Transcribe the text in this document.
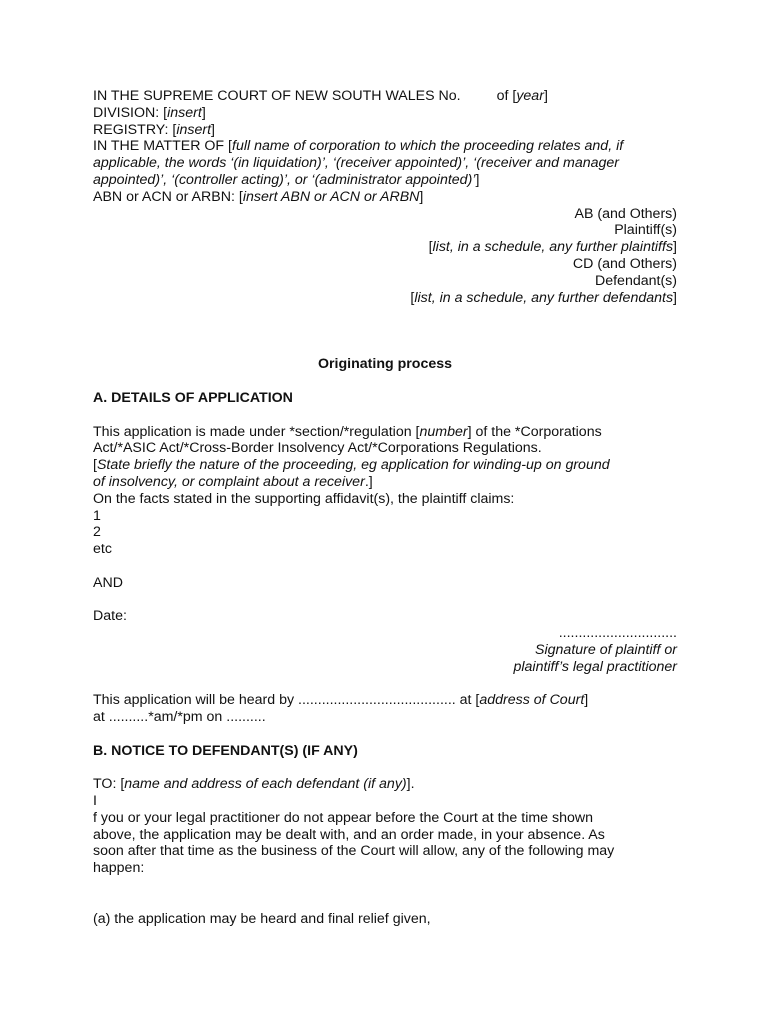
IN THE SUPREME COURT OF NEW SOUTH WALES No.	of [year]
DIVISION: [insert]
REGISTRY: [insert]
IN THE MATTER OF [full name of corporation to which the proceeding relates and, if
applicable, the words ‘(in liquidation)’, ‘(receiver appointed)’, ‘(receiver and manager
appointed)’, ‘(controller acting)’, or ‘(administrator appointed)’]
ABN or ACN or ARBN: [insert ABN or ACN or ARBN]
AB (and Others)
Plaintiff(s)
[list, in a schedule, any further plaintiffs]
CD (and Others)
Defendant(s)
[list, in a schedule, any further defendants]
Originating process
A. DETAILS OF APPLICATION
This application is made under *section/*regulation [number] of the *Corporations
Act/*ASIC Act/*Cross-Border Insolvency Act/*Corporations Regulations.
[State briefly the nature of the proceeding, eg application for winding-up on ground
of insolvency, or complaint about a receiver.]
On the facts stated in the supporting affidavit(s), the plaintiff claims:
1
2
etc
AND
Date:
..............................
Signature of plaintiff or
plaintiff’s legal practitioner
This application will be heard by ........................................ at [address of Court]
at ..........*am/*pm on ..........
B. NOTICE TO DEFENDANT(S) (IF ANY)
TO: [name and address of each defendant (if any)].
I
f you or your legal practitioner do not appear before the Court at the time shown
above, the application may be dealt with, and an order made, in your absence. As
soon after that time as the business of the Court will allow, any of the following may
happen:
(a) the application may be heard and final relief given,
